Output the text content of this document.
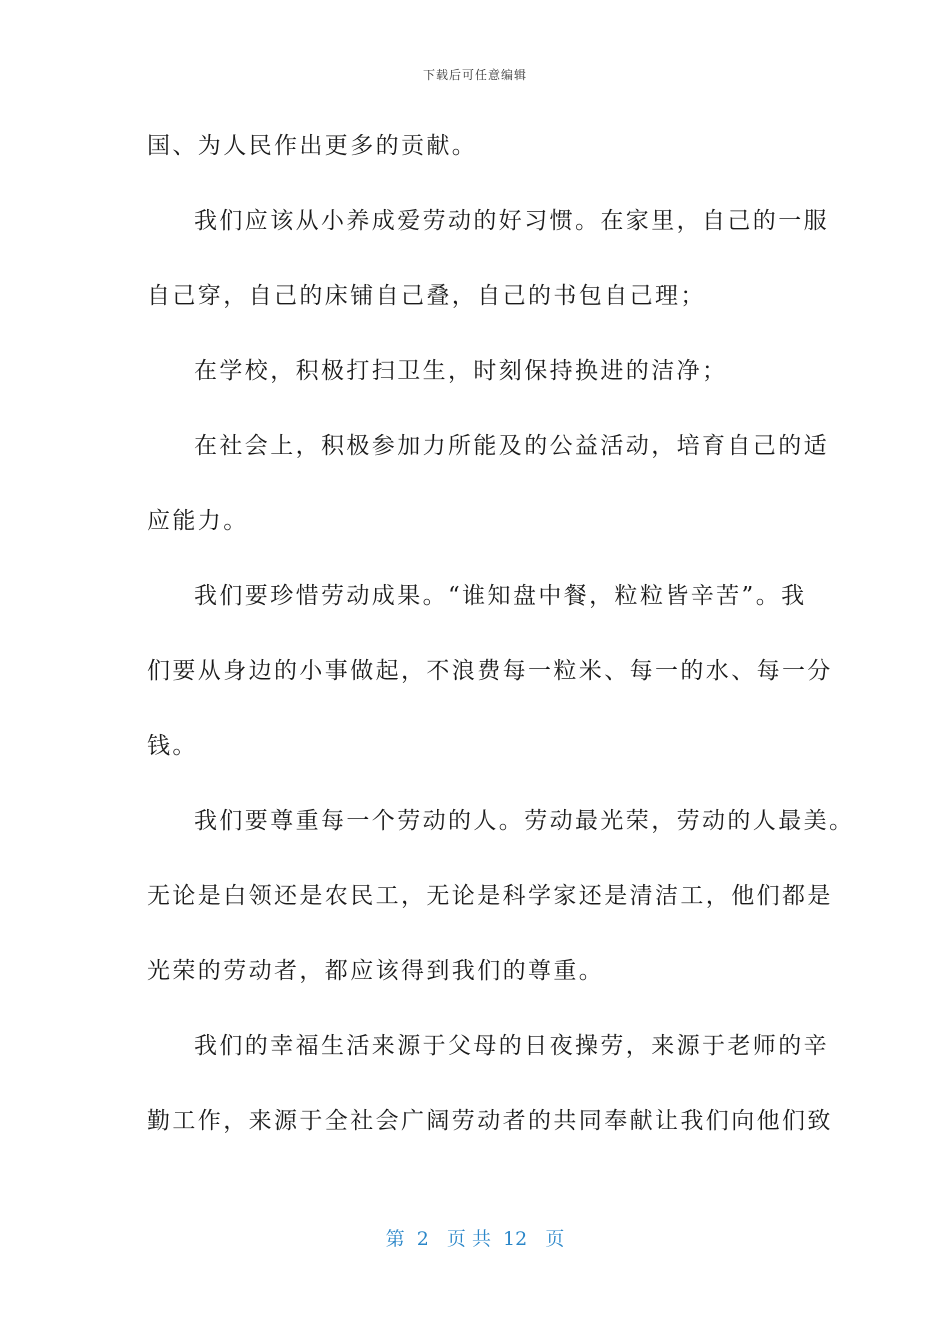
下载后可任意编辑
国、为人民作出更多的贡献。
我们应该从小养成爱劳动的好习惯。在家里，自己的一服
自己穿，自己的床铺自己叠，自己的书包自己理；
在学校，积极打扫卫生，时刻保持换进的洁净；
在社会上，积极参加力所能及的公益活动，培育自己的适
应能力。
我们要珍惜劳动成果。“谁知盘中餐，粒粒皆辛苦”。我
们要从身边的小事做起，不浪费每一粒米、每一的水、每一分
钱。
我们要尊重每一个劳动的人。劳动最光荣，劳动的人最美。
无论是白领还是农民工，无论是科学家还是清洁工，他们都是
光荣的劳动者，都应该得到我们的尊重。
我们的幸福生活来源于父母的日夜操劳，来源于老师的辛
勤工作，来源于全社会广阔劳动者的共同奉献让我们向他们致
第  2   页 共  12   页
